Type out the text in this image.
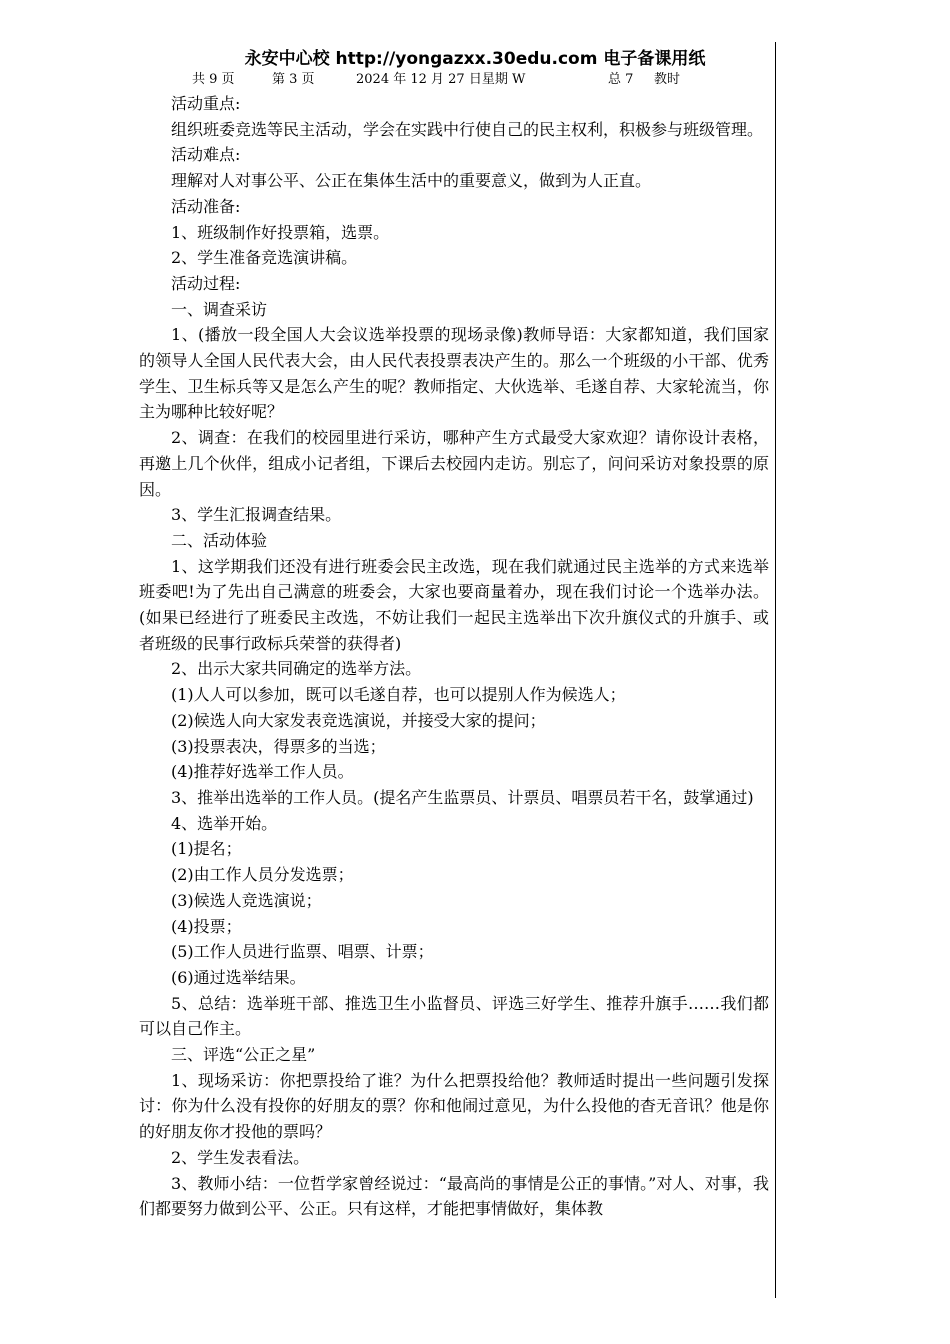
永安中心校 http://yongazxx.30edu.com 电子备课用纸
共 9 页	第 3 页	2024 年 12 月 27 日星期 W	总 7 教时

活动重点:

组织班委竞选等民主活动，学会在实践中行使自己的民主权利，积极参与班级管理。

活动难点:

理解对人对事公平、公正在集体生活中的重要意义，做到为人正直。

活动准备:

1、班级制作好投票箱，选票。

2、学生准备竞选演讲稿。

活动过程:

一、调查采访

1、(播放一段全国人大会议选举投票的现场录像)教师导语：大家都知道，我们国家的领导人全国人民代表大会，由人民代表投票表决产生的。那么一个班级的小干部、优秀学生、卫生标兵等又是怎么产生的呢？教师指定、大伙选举、毛遂自荐、大家轮流当，你主为哪种比较好呢？

2、调查：在我们的校园里进行采访，哪种产生方式最受大家欢迎？请你设计表格，再邀上几个伙伴，组成小记者组，下课后去校园内走访。别忘了，问问采访对象投票的原因。

3、学生汇报调查结果。

二、活动体验

1、这学期我们还没有进行班委会民主改选，现在我们就通过民主选举的方式来选举班委吧!为了先出自己满意的班委会，大家也要商量着办，现在我们讨论一个选举办法。(如果已经进行了班委民主改选，不妨让我们一起民主选举出下次升旗仪式的升旗手、或者班级的民事行政标兵荣誉的获得者)

2、出示大家共同确定的选举方法。

(1)人人可以参加，既可以毛遂自荐，也可以提别人作为候选人；

(2)候选人向大家发表竞选演说，并接受大家的提问；

(3)投票表决，得票多的当选；

(4)推荐好选举工作人员。

3、推举出选举的工作人员。(提名产生监票员、计票员、唱票员若干名，鼓掌通过)

4、选举开始。

(1)提名；

(2)由工作人员分发选票；

(3)候选人竞选演说；

(4)投票；

(5)工作人员进行监票、唱票、计票；

(6)通过选举结果。

5、总结：选举班干部、推选卫生小监督员、评选三好学生、推荐升旗手……我们都可以自己作主。

三、评选“公正之星”

1、现场采访：你把票投给了谁？为什么把票投给他？教师适时提出一些问题引发探讨：你为什么没有投你的好朋友的票？你和他闹过意见，为什么投他的杳无音讯？他是你的好朋友你才投他的票吗？

2、学生发表看法。

3、教师小结：一位哲学家曾经说过：“最高尚的事情是公正的事情。”对人、对事，我们都要努力做到公平、公正。只有这样，才能把事情做好，集体教
